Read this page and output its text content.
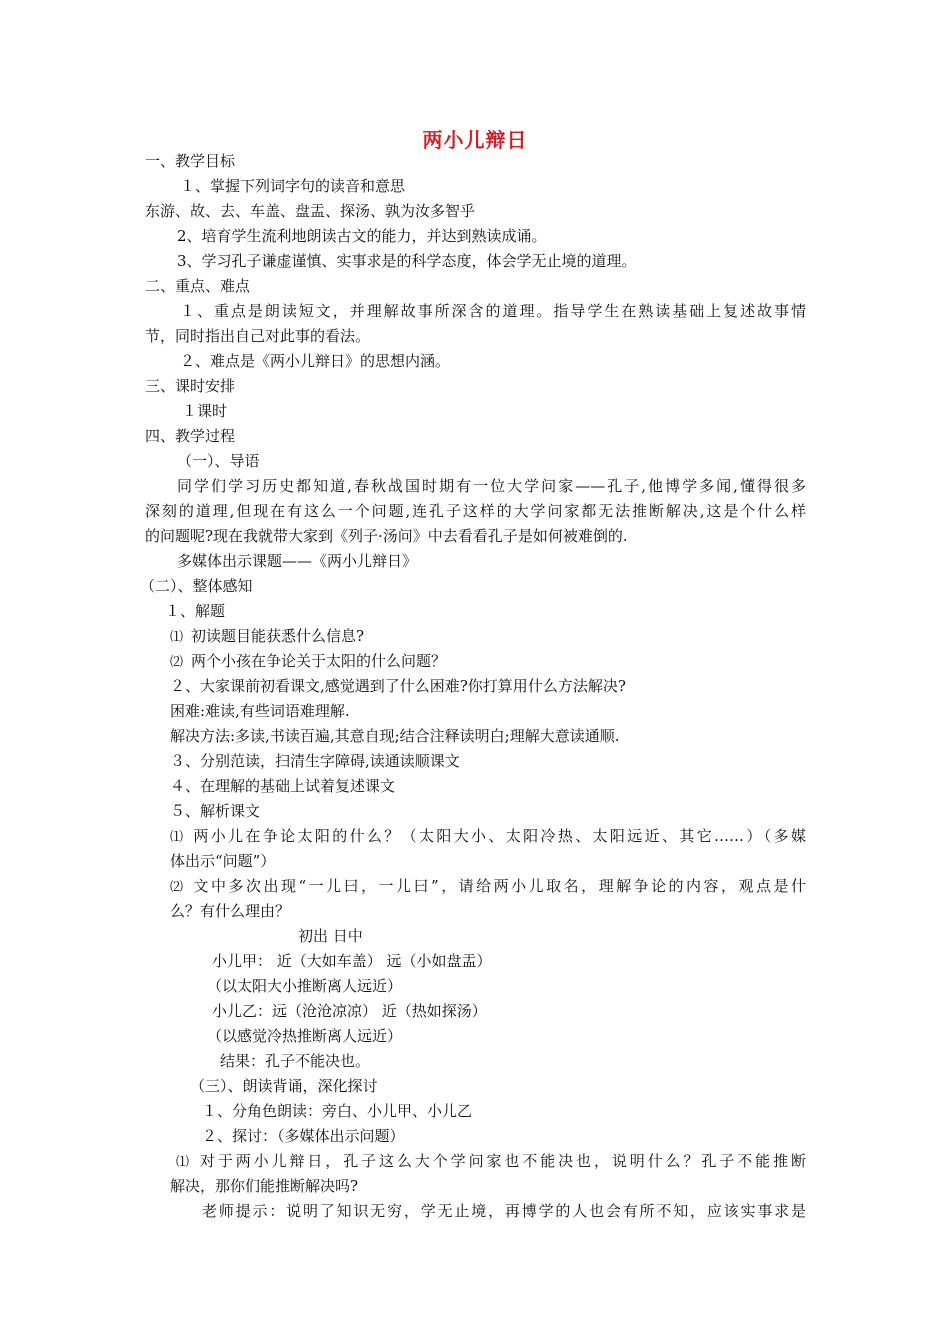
两小儿辩日
一、教学目标
１、掌握下列词字句的读音和意思
东游、故、去、车盖、盘盂、探汤、孰为汝多智乎
2、培育学生流利地朗读古文的能力，并达到熟读成诵。
3、学习孔子谦虚谨慎、实事求是的科学态度，体会学无止境的道理。
二、重点、难点
１、重点是朗读短文，并理解故事所深含的道理。指导学生在熟读基础上复述故事情
节，同时指出自己对此事的看法。
２、难点是《两小儿辩日》的思想内涵。
三、课时安排
１课时
四、教学过程
（一）、导语
同学们学习历史都知道,春秋战国时期有一位大学问家——孔子,他博学多闻,懂得很多
深刻的道理,但现在有这么一个问题,连孔子这样的大学问家都无法推断解决,这是个什么样
的问题呢?现在我就带大家到《列子·汤问》中去看看孔子是如何被难倒的.
多媒体出示课题——《两小儿辩日》
（二）、整体感知
１、解题
⑴ 初读题目能获悉什么信息?
⑵ 两个小孩在争论关于太阳的什么问题？
２、大家课前初看课文,感觉遇到了什么困难?你打算用什么方法解决?
困难:难读,有些词语难理解.
解决方法:多读,书读百遍,其意自现;结合注释读明白;理解大意读通顺.
３、分别范读，扫清生字障碍,读通读顺课文
４、在理解的基础上试着复述课文
５、解析课文
⑴ 两小儿在争论太阳的什么？（太阳大小、太阳冷热、太阳远近、其它……）（多媒
体出示“问题”）
⑵ 文中多次出现“一儿曰，一儿曰”，请给两小儿取名，理解争论的内容，观点是什
么？有什么理由？
初出 日中
小儿甲： 近（大如车盖） 远（小如盘盂）
（以太阳大小推断离人远近）
小儿乙：远（沧沧凉凉） 近（热如探汤）
（以感觉冷热推断离人远近）
结果：孔子不能决也。
（三）、朗读背诵，深化探讨
１、分角色朗读：旁白、小儿甲、小儿乙
２、探讨：（多媒体出示问题）
⑴ 对于两小儿辩日，孔子这么大个学问家也不能决也，说明什么？孔子不能推断
解决，那你们能推断解决吗?
老师提示：说明了知识无穷，学无止境，再博学的人也会有所不知，应该实事求是
